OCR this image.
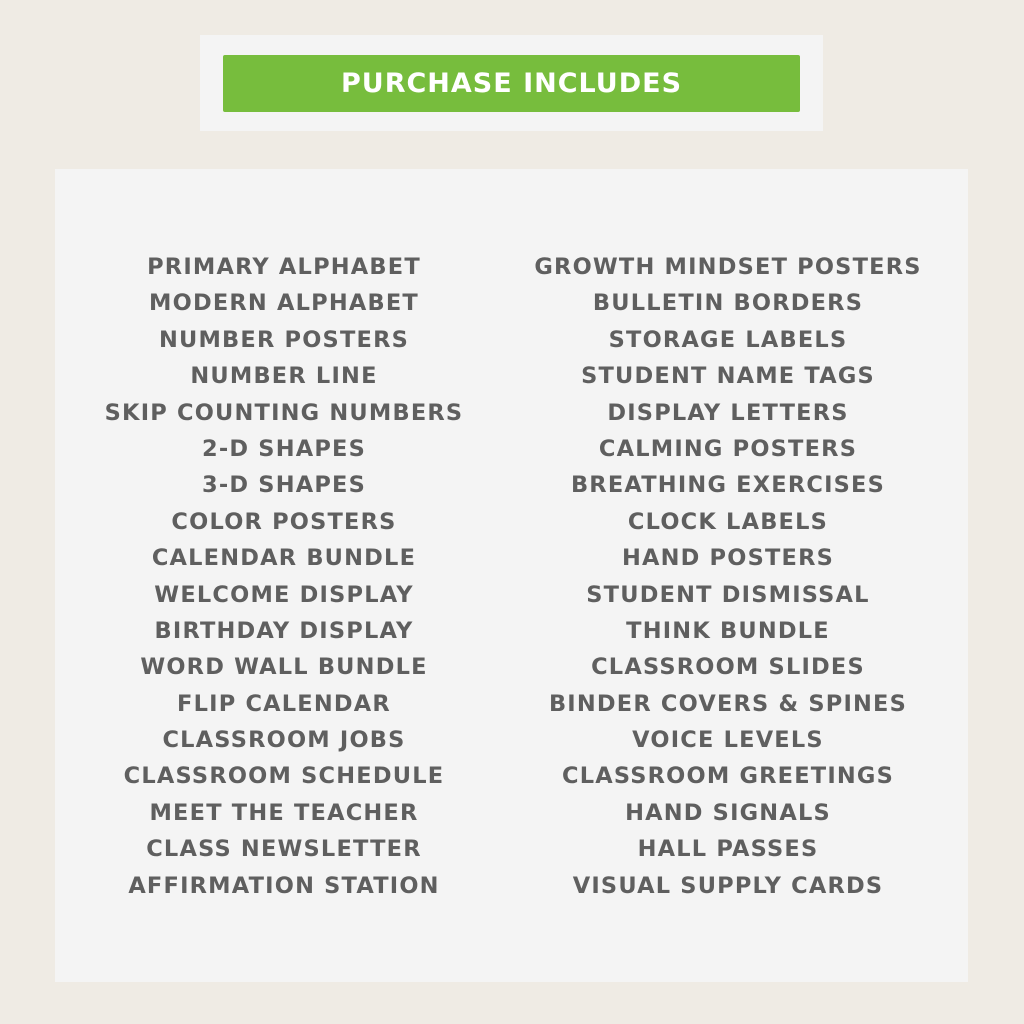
PURCHASE INCLUDES
PRIMARY ALPHABET
MODERN ALPHABET
NUMBER POSTERS
NUMBER LINE
SKIP COUNTING NUMBERS
2-D SHAPES
3-D SHAPES
COLOR POSTERS
CALENDAR BUNDLE
WELCOME DISPLAY
BIRTHDAY DISPLAY
WORD WALL BUNDLE
FLIP CALENDAR
CLASSROOM JOBS
CLASSROOM SCHEDULE
MEET THE TEACHER
CLASS NEWSLETTER
AFFIRMATION STATION
GROWTH MINDSET POSTERS
BULLETIN BORDERS
STORAGE LABELS
STUDENT NAME TAGS
DISPLAY LETTERS
CALMING POSTERS
BREATHING EXERCISES
CLOCK LABELS
HAND POSTERS
STUDENT DISMISSAL
THINK BUNDLE
CLASSROOM SLIDES
BINDER COVERS & SPINES
VOICE LEVELS
CLASSROOM GREETINGS
HAND SIGNALS
HALL PASSES
VISUAL SUPPLY CARDS
